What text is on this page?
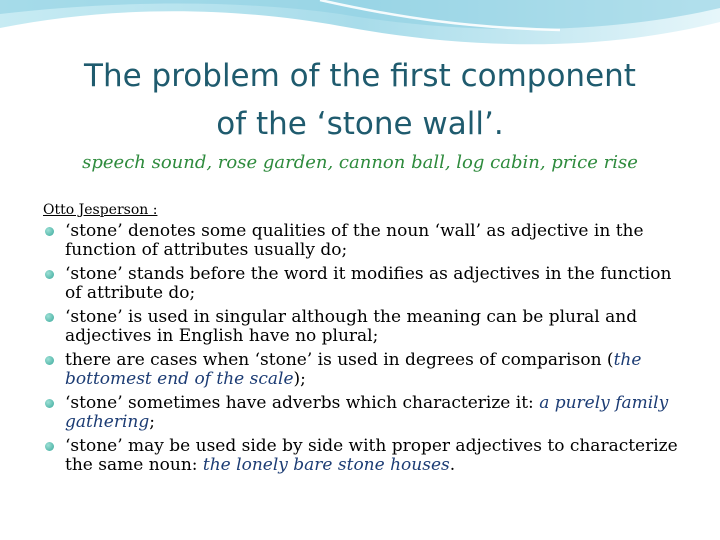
The problem of the first component
of the ‘stone wall’.
speech sound, rose garden, cannon ball, log cabin, price rise
Otto Jesperson :
‘stone’ denotes some qualities of the noun ‘wall’ as adjective in the function of attributes usually do;
‘stone’ stands before the word it modifies as adjectives in the function of attribute do;
‘stone’ is used in singular although the meaning can be plural and adjectives in English have no plural;
there are cases when ‘stone’ is used in degrees of comparison (the bottomest end of the scale);
‘stone’ sometimes have adverbs which characterize it: a purely family gathering;
‘stone’ may be used side by side with proper adjectives to characterize the same noun: the lonely bare stone houses.
